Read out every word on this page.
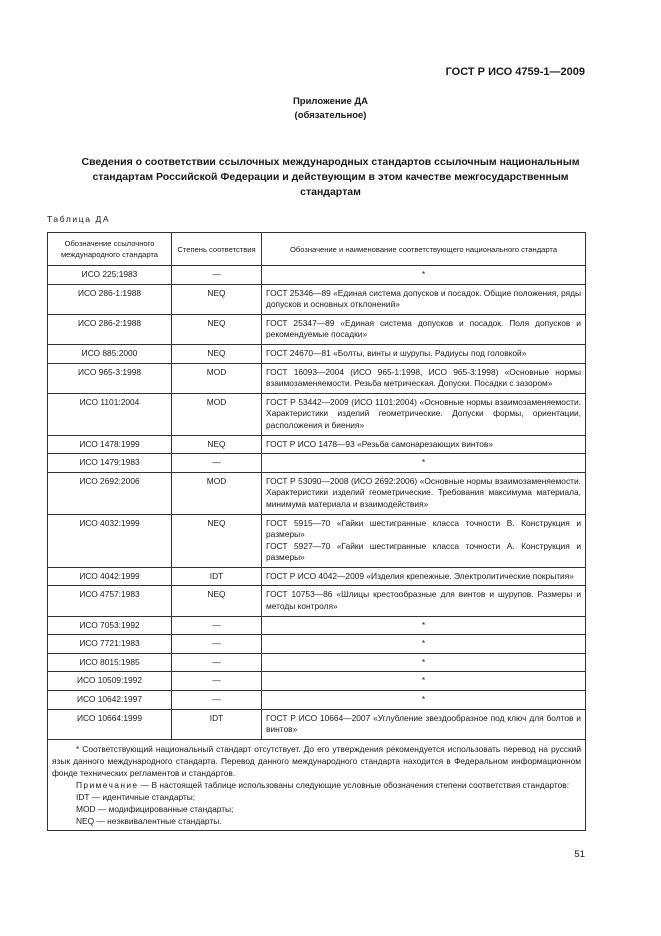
ГОСТ Р ИСО 4759-1—2009
Приложение ДА
(обязательное)
Сведения о соответствии ссылочных международных стандартов ссылочным национальным стандартам Российской Федерации и действующим в этом качестве межгосударственным стандартам
Таблица ДА
Обозначение ссылочного международного стандарта	Степень соответствия	Обозначение и наименование соответствующего национального стандарта
ИСО 225:1983	—	*

ИСО 286-1:1988	NEQ	ГОСТ 25346—89 «Единая система допусков и посадок. Общие положения, ряды допусков и основных отклонений»

ИСО 286-2:1988	NEQ	ГОСТ 25347—89 «Единая система допусков и посадок. Поля допусков и рекомендуемые посадки»

ИСО 885:2000	NEQ	ГОСТ 24670—81 «Болты, винты и шурупы. Радиусы под головкой»

ИСО 965-3:1998	MOD	ГОСТ 16093—2004 (ИСО 965-1:1998, ИСО 965-3:1998) «Основные нормы взаимозаменяемости. Резьба метрическая. Допуски. Посадки с зазором»

ИСО 1101:2004	MOD	ГОСТ Р 53442—2009 (ИСО 1101:2004) «Основные нормы взаимозаменяемости. Характеристики изделий геометрические. Допуски формы, ориентации, расположения и биения»

ИСО 1478:1999	NEQ	ГОСТ Р ИСО 1478—93 «Резьба самонарезающих винтов»

ИСО 1479:1983	—	*

ИСО 2692:2006	MOD	ГОСТ Р 53090—2008 (ИСО 2692:2006) «Основные нормы взаимозаменяемости. Характеристики изделий геометрические. Требования максимума материала, минимума материала и взаимодействия»

ИСО 4032:1999	NEQ	ГОСТ 5915—70 «Гайки шестигранные класса точности В. Конструкция и размеры»
ГОСТ 5927—70 «Гайки шестигранные класса точности А. Конструкция и размеры»

ИСО 4042:1999	IDT	ГОСТ Р ИСО 4042—2009 «Изделия крепежные. Электролитические покрытия»

ИСО 4757:1983	NEQ	ГОСТ 10753—86 «Шлицы крестообразные для винтов и шурупов. Размеры и методы контроля»

ИСО 7053:1992	—	*

ИСО 7721:1983	—	*

ИСО 8015:1985	—	*

ИСО 10509:1992	—	*

ИСО 10642:1997	—	*

ИСО 10664:1999	IDT	ГОСТ Р ИСО 10664—2007 «Углубление звездообразное под ключ для болтов и винтов»

* Соответствующий национальный стандарт отсутствует. До его утверждения рекомендуется использовать перевод на русский язык данного международного стандарта. Перевод данного международного стандарта находится в Федеральном информационном фонде технических регламентов и стандартов.

Примечание — В настоящей таблице использованы следующие условные обозначения степени соответствия стандартов:

IDT — идентичные стандарты;

MOD — модифицированные стандарты;

NEQ — неэквивалентные стандарты.		

51
